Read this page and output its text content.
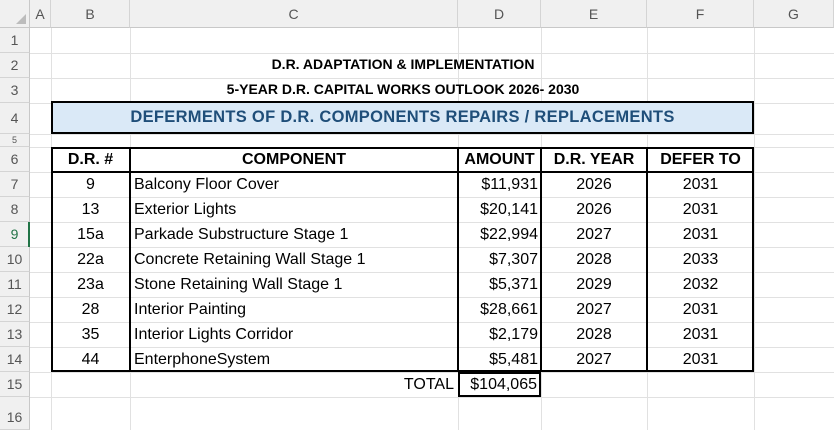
A	B	C	D	E	F	G
1
2
3
4
5
6
7
8
9
10
11
12
13
14
15
16
D.R. ADAPTATION & IMPLEMENTATION
5-YEAR D.R. CAPITAL WORKS OUTLOOK 2026- 2030
DEFERMENTS OF D.R. COMPONENTS REPAIRS / REPLACEMENTS
D.R. #	COMPONENT	AMOUNT	D.R. YEAR	DEFER TO
9	Balcony Floor Cover	$11,931	2026	2031
13	Exterior Lights	$20,141	2026	2031
15a	Parkade Substructure Stage 1	$22,994	2027	2031
22a	Concrete Retaining Wall Stage 1	$7,307	2028	2033
23a	Stone Retaining Wall Stage 1	$5,371	2029	2032
28	Interior Painting	$28,661	2027	2031
35	Interior Lights Corridor	$2,179	2028	2031
44	EnterphoneSystem	$5,481	2027	2031
TOTAL	$104,065
